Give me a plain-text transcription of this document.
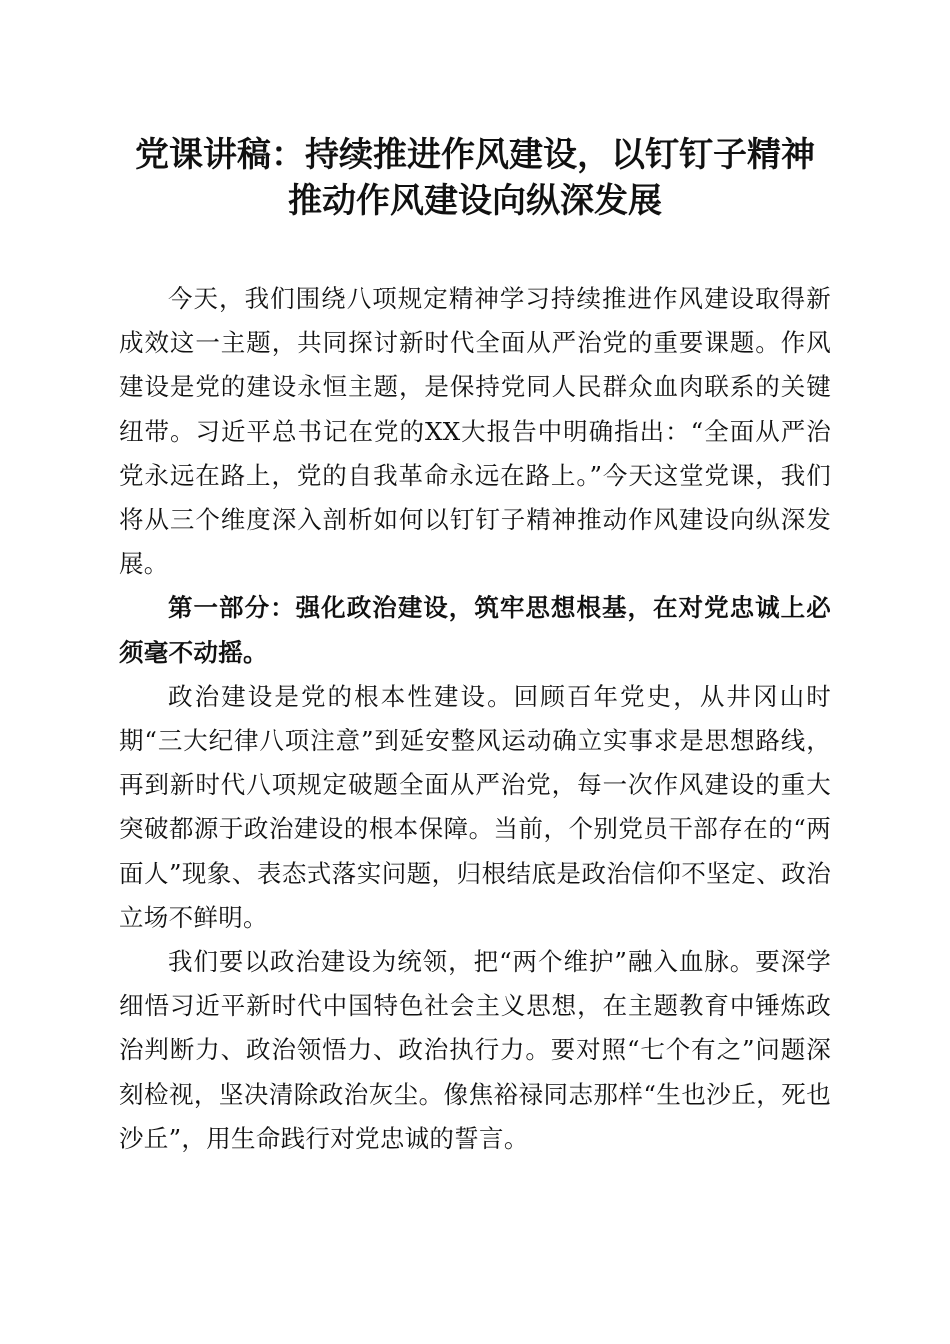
党课讲稿：持续推进作风建设，以钉钉子精神
推动作风建设向纵深发展

今天，我们围绕八项规定精神学习持续推进作风建设取得新成效这一主题，共同探讨新时代全面从严治党的重要课题。作风建设是党的建设永恒主题，是保持党同人民群众血肉联系的关键纽带。习近平总书记在党的XX大报告中明确指出：“全面从严治党永远在路上，党的自我革命永远在路上。”今天这堂党课，我们将从三个维度深入剖析如何以钉钉子精神推动作风建设向纵深发展。

第一部分：强化政治建设，筑牢思想根基，在对党忠诚上必须毫不动摇。

政治建设是党的根本性建设。回顾百年党史，从井冈山时期“三大纪律八项注意”到延安整风运动确立实事求是思想路线，再到新时代八项规定破题全面从严治党，每一次作风建设的重大突破都源于政治建设的根本保障。当前，个别党员干部存在的“两面人”现象、表态式落实问题，归根结底是政治信仰不坚定、政治立场不鲜明。

我们要以政治建设为统领，把“两个维护”融入血脉。要深学细悟习近平新时代中国特色社会主义思想，在主题教育中锤炼政治判断力、政治领悟力、政治执行力。要对照“七个有之”问题深刻检视，坚决清除政治灰尘。像焦裕禄同志那样“生也沙丘，死也沙丘”，用生命践行对党忠诚的誓言。
